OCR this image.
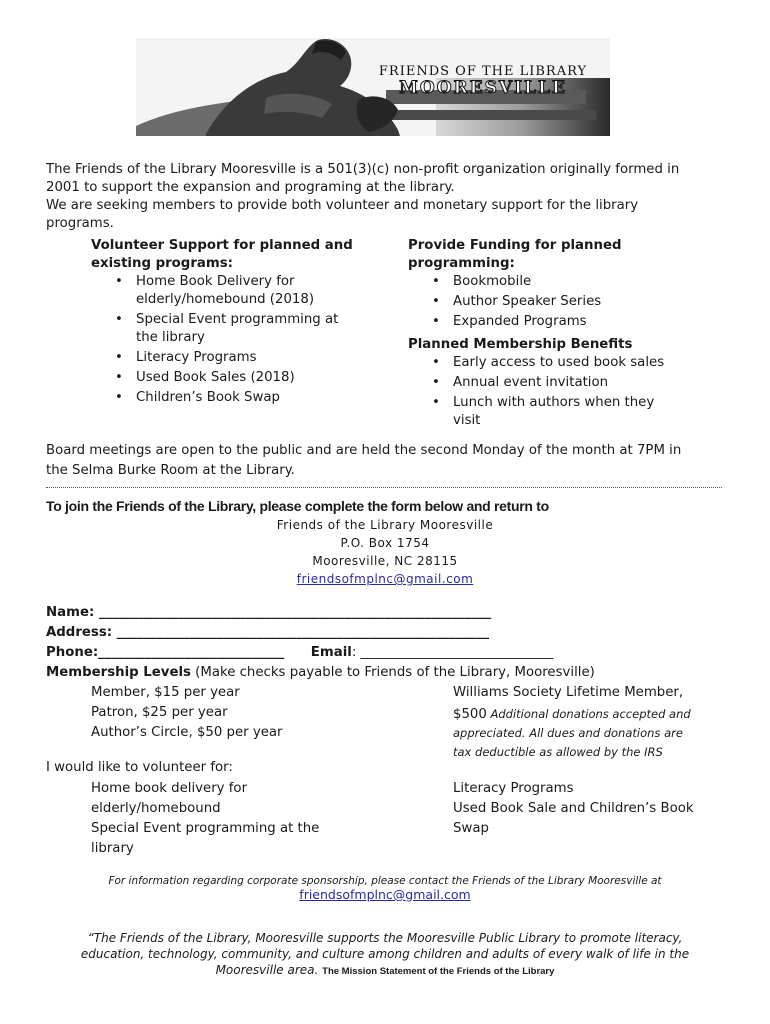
FRIENDS OF THE LIBRARY
MOORESVILLE
The Friends of the Library Mooresville is a 501(3)(c) non-profit organization originally formed in
2001 to support the expansion and programing at the library.
We are seeking members to provide both volunteer and monetary support for the library
programs.
Volunteer Support for planned and
existing programs:
• Home Book Delivery for
elderly/homebound (2018)
• Special Event programming at
the library
• Literacy Programs
• Used Book Sales (2018)
• Children’s Book Swap
Provide Funding for planned
programming:
• Bookmobile
• Author Speaker Series
• Expanded Programs
Planned Membership Benefits
• Early access to used book sales
• Annual event invitation
• Lunch with authors when they
visit
Board meetings are open to the public and are held the second Monday of the month at 7PM in
the Selma Burke Room at the Library.
To join the Friends of the Library, please complete the form below and return to
Friends of the Library Mooresville
P.O. Box 1754
Mooresville, NC 28115
friendsofmplnc@gmail.com
Name: ___________________________________________________________
Address: ________________________________________________________
Phone:____________________________ Email: _____________________________
Membership Levels (Make checks payable to Friends of the Library, Mooresville)
Member, $15 per year
Patron, $25 per year
Author’s Circle, $50 per year
Williams Society Lifetime Member,
$500 Additional donations accepted and
appreciated. All dues and donations are
tax deductible as allowed by the IRS
I would like to volunteer for:
Home book delivery for
elderly/homebound
Special Event programming at the
library
Literacy Programs
Used Book Sale and Children’s Book
Swap
For information regarding corporate sponsorship, please contact the Friends of the Library Mooresville at
friendsofmplnc@gmail.com
“The Friends of the Library, Mooresville supports the Mooresville Public Library to promote literacy,
education, technology, community, and culture among children and adults of every walk of life in the
Mooresville area. The Mission Statement of the Friends of the Library
